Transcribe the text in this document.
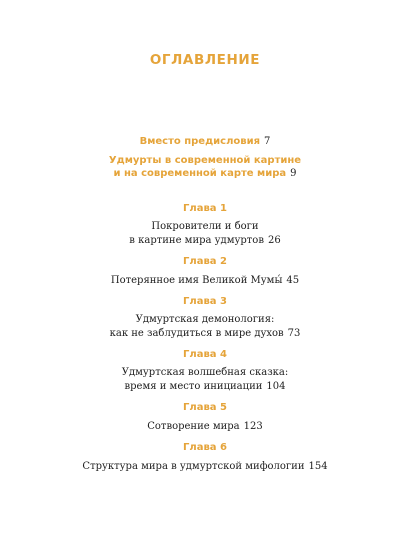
ОГЛАВЛЕНИЕ
Вместо предисловия 7
Удмурты в современной картине
и на современной карте мира 9
Глава 1
Покровители и боги
в картине мира удмуртов 26
Глава 2
Потерянное имя Великой Мумы́ 45
Глава 3
Удмуртская демонология:
как не заблудиться в мире духов 73
Глава 4
Удмуртская волшебная сказка:
время и место инициации 104
Глава 5
Сотворение мира 123
Глава 6
Структура мира в удмуртской мифологии 154
